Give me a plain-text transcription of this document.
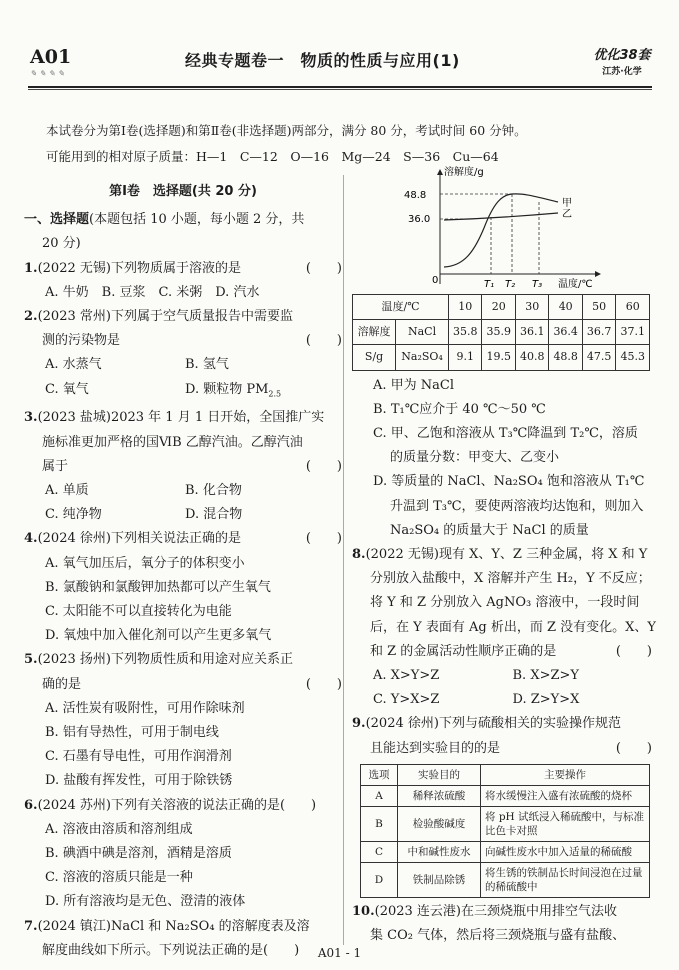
A01
✎ ✎ ✎ ✎
经典专题卷一　物质的性质与应用(1)	优化38套
江苏·化学
本试卷分为第Ⅰ卷(选择题)和第Ⅱ卷(非选择题)两部分，满分 80 分，考试时间 60 分钟。
可能用到的相对原子质量：H—1　C—12　O—16　Mg—24　S—36　Cu—64
第Ⅰ卷　选择题(共 20 分)
一、选择题(本题包括 10 小题，每小题 2 分，共
20 分)
1.(2022 无锡)下列物质属于溶液的是	(　　)
A. 牛奶　B. 豆浆　C. 米粥　D. 汽水
2.(2023 常州)下列属于空气质量报告中需要监
测的污染物是	(　　)
A. 水蒸气	B. 氢气
C. 氧气	D. 颗粒物 $PM_{2.5}$
3.(2023 盐城)2023 年 1 月 1 日开始，全国推广实
施标准更加严格的国ⅥB 乙醇汽油。乙醇汽油
属于	(　　)
A. 单质	B. 化合物
C. 纯净物	D. 混合物
4.(2024 徐州)下列相关说法正确的是	(　　)
A. 氧气加压后，氧分子的体积变小
B. 氯酸钠和氯酸钾加热都可以产生氧气
C. 太阳能不可以直接转化为电能
D. 氧烛中加入催化剂可以产生更多氧气
5.(2023 扬州)下列物质性质和用途对应关系正
确的是	(　　)
A. 活性炭有吸附性，可用作除味剂
B. 铝有导热性，可用于制电线
C. 石墨有导电性，可用作润滑剂
D. 盐酸有挥发性，可用于除铁锈
6.(2024 苏州)下列有关溶液的说法正确的是(　　)
A. 溶液由溶质和溶剂组成
B. 碘酒中碘是溶剂，酒精是溶质
C. 溶液的溶质只能是一种
D. 所有溶液均是无色、澄清的液体
7.(2024 镇江)NaCl 和 Na₂SO₄ 的溶解度表及溶
解度曲线如下所示。下列说法正确的是(　　)
溶解度/g
温度/℃
0
48.8
36.0
T₁ T₂ T₃
甲
乙
温度/℃		10	20	30	40	50	60
溶解度	NaCl	35.8	35.9	36.1	36.4	36.7	37.1
S/g	Na₂SO₄	9.1	19.5	40.8	48.8	47.5	45.3
A. 甲为 NaCl
B. T₁℃应介于 40 ℃～50 ℃
C. 甲、乙饱和溶液从 T₃℃降温到 T₂℃，溶质
的质量分数：甲变大、乙变小
D. 等质量的 NaCl、Na₂SO₄ 饱和溶液从 T₁℃
升温到 T₃℃，要使两溶液均达饱和，则加入
Na₂SO₄ 的质量大于 NaCl 的质量
8.(2022 无锡)现有 X、Y、Z 三种金属，将 X 和 Y
分别放入盐酸中，X 溶解并产生 H₂，Y 不反应；
将 Y 和 Z 分别放入 AgNO₃ 溶液中，一段时间
后，在 Y 表面有 Ag 析出，而 Z 没有变化。X、Y
和 Z 的金属活动性顺序正确的是	(　　)
A. X>Y>Z	B. X>Z>Y
C. Y>X>Z	D. Z>Y>X
9.(2024 徐州)下列与硫酸相关的实验操作规范
且能达到实验目的的是	(　　)
选项	实验目的	主要操作
A	稀释浓硫酸	将水缓慢注入盛有浓硫酸的烧杯
B	检验酸碱度	将 pH 试纸浸入稀硫酸中，与标准比色卡对照
C	中和碱性废水	向碱性废水中加入适量的稀硫酸
D	铁制品除锈	将生锈的铁制品长时间浸泡在过量的稀硫酸中
10.(2023 连云港)在三颈烧瓶中用排空气法收
集 CO₂ 气体，然后将三颈烧瓶与盛有盐酸、
A01 - 1
